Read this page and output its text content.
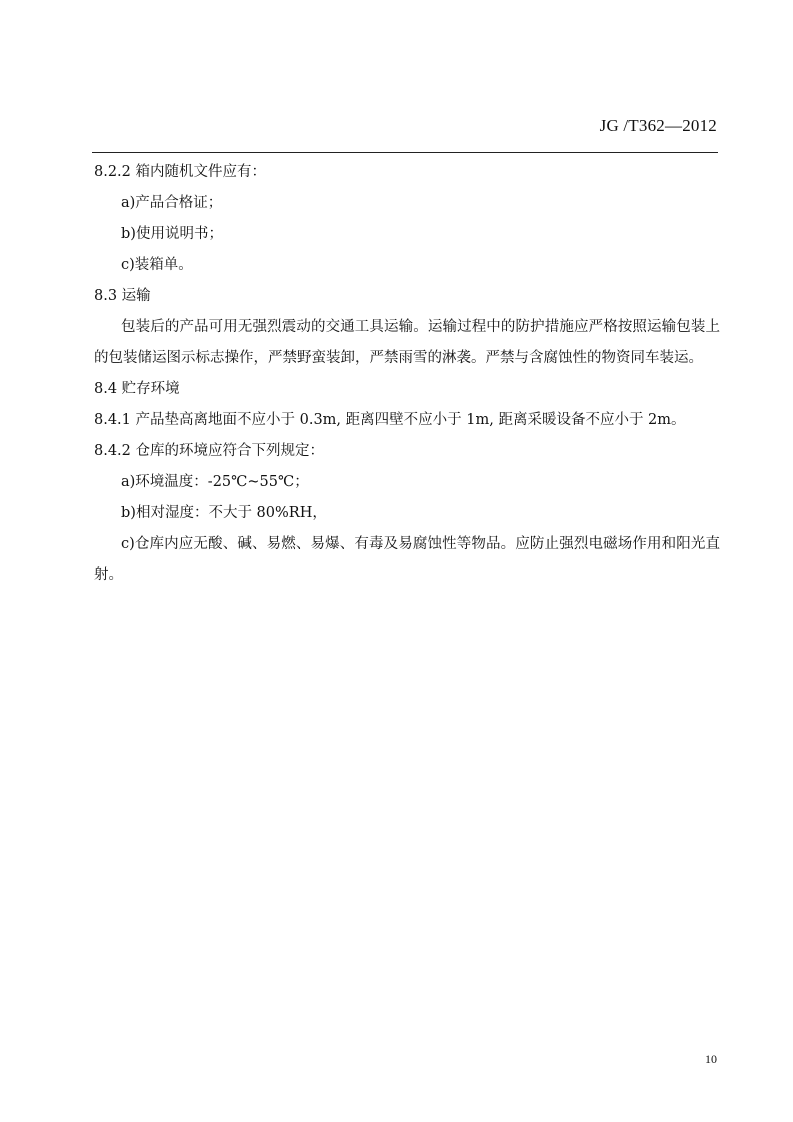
JG /T362—2012
8.2.2 箱内随机文件应有：
a)产品合格证；
b)使用说明书；
c)装箱单。
8.3 运输

包装后的产品可用无强烈震动的交通工具运输。运输过程中的防护措施应严格按照运输包装上的包装储运图示标志操作，严禁野蛮装卸，严禁雨雪的淋袭。严禁与含腐蚀性的物资同车装运。

8.4 贮存环境
8.4.1 产品垫高离地面不应小于 0.3m, 距离四壁不应小于 1m, 距离采暖设备不应小于 2m。
8.4.2 仓库的环境应符合下列规定：
a)环境温度：-25℃~55℃；
b)相对湿度：不大于 80%RH，

c)仓库内应无酸、碱、易燃、易爆、有毒及易腐蚀性等物品。应防止强烈电磁场作用和阳光直射。

10
